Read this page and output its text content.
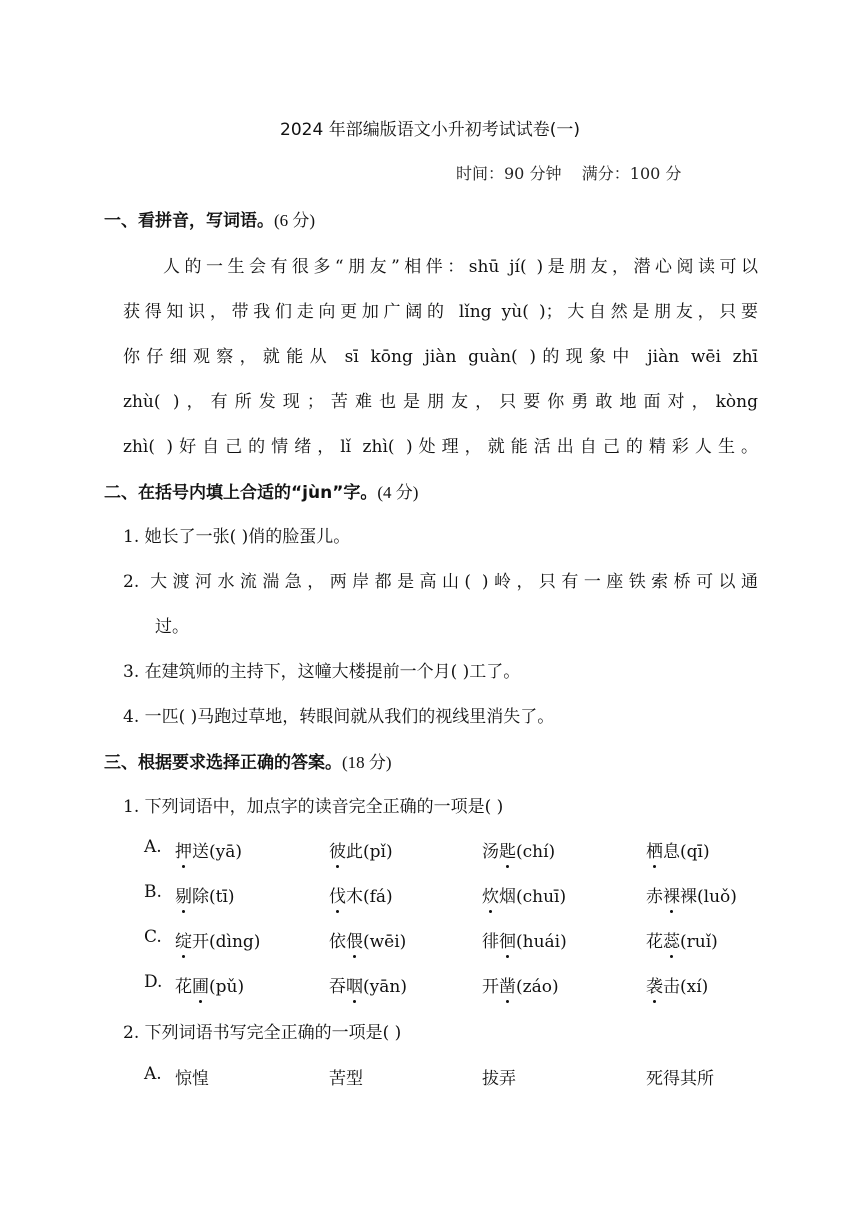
2024 年部编版语文小升初考试试卷(一)
时间：90 分钟 满分：100 分
一、看拼音，写词语。(6 分)
人的一生会有很多“朋友”相伴：shū jí( )是朋友，潜心阅读可以
获得知识，带我们走向更加广阔的 lǐng yù( )；大自然是朋友，只要
你仔细观察，就能从 sī kōng jiàn guàn( )的现象中 jiàn wēi zhī
zhù( )，有所发现；苦难也是朋友，只要你勇敢地面对，kòng
zhì( )好自己的情绪，lǐ zhì( )处理，就能活出自己的精彩人生。
二、在括号内填上合适的“jùn”字。(4 分)
1. 她长了一张( )俏的脸蛋儿。
2. 大渡河水流湍急，两岸都是高山( )岭，只有一座铁索桥可以通
过。
3. 在建筑师的主持下，这幢大楼提前一个月( )工了。
4. 一匹( )马跑过草地，转眼间就从我们的视线里消失了。
三、根据要求选择正确的答案。(18 分)
1. 下列词语中，加点字的读音完全正确的一项是( )
A. 押送(yā)	彼此(pǐ)	汤匙(chí)	栖息(qī)
B. 剔除(tī)	伐木(fá)	炊烟(chuī)	赤裸裸(luǒ)
C. 绽开(dìng)	依偎(wēi)	徘徊(huái)	花蕊(ruǐ)
D. 花圃(pǔ)	吞咽(yān)	开凿(záo)	袭击(xí)
2. 下列词语书写完全正确的一项是( )
A. 惊惶	苦型	拔弄	死得其所
